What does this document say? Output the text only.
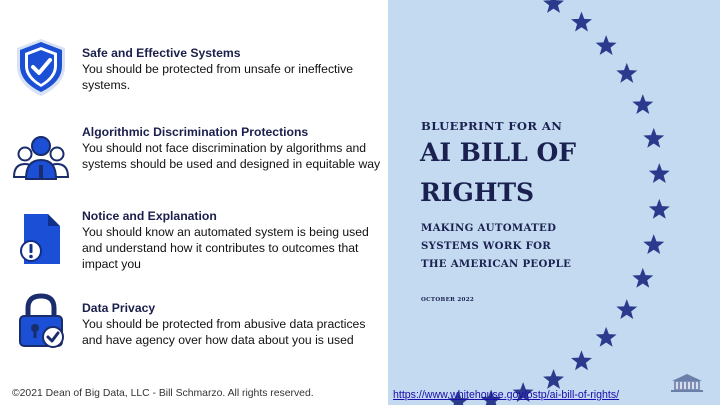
Safe and Effective Systems
You should be protected from unsafe or ineffective systems.
Algorithmic Discrimination Protections
You should not face discrimination by algorithms and systems should be used and designed in equitable way
Notice and Explanation
You should know an automated system is being used and understand how it contributes to outcomes that impact you
Data Privacy
You should be protected from abusive data practices and have agency over how data about you is used
©2021 Dean of Big Data, LLC - Bill Schmarzo. All rights reserved.
BLUEPRINT FOR AN
AI BILL OF
RIGHTS
MAKING AUTOMATED
SYSTEMS WORK FOR
THE AMERICAN PEOPLE
OCTOBER 2022
https://www.whitehouse.gov/ostp/ai-bill-of-rights/
